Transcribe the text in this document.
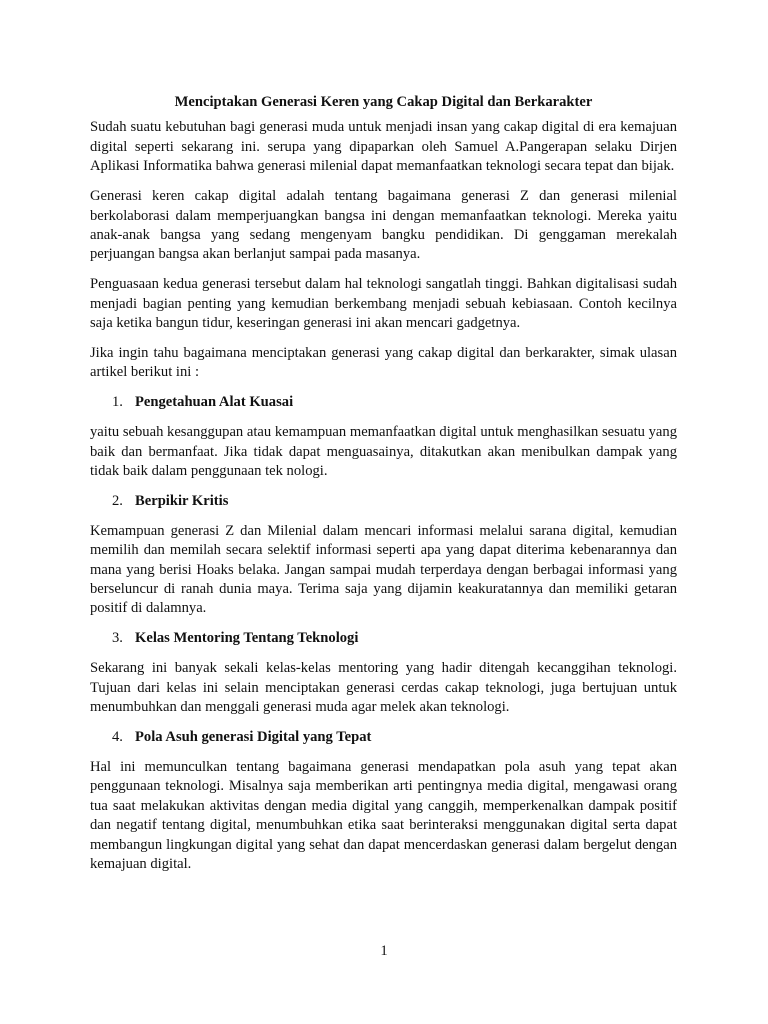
Menciptakan Generasi Keren yang Cakap Digital dan Berkarakter

Sudah suatu kebutuhan bagi generasi muda untuk menjadi insan yang cakap digital di era kemajuan digital seperti sekarang ini. serupa yang dipaparkan oleh Samuel A.Pangerapan selaku Dirjen Aplikasi Informatika bahwa generasi milenial dapat memanfaatkan teknologi secara tepat dan bijak.

Generasi keren cakap digital adalah tentang bagaimana generasi Z dan generasi milenial berkolaborasi dalam memperjuangkan bangsa ini dengan memanfaatkan teknologi. Mereka yaitu anak-anak bangsa yang sedang mengenyam bangku pendidikan. Di genggaman merekalah perjuangan bangsa akan berlanjut sampai pada masanya.

Penguasaan kedua generasi tersebut dalam hal teknologi sangatlah tinggi. Bahkan digitalisasi sudah menjadi bagian penting yang kemudian berkembang menjadi sebuah kebiasaan. Contoh kecilnya saja ketika bangun tidur, keseringan generasi ini akan mencari gadgetnya.

Jika ingin tahu bagaimana menciptakan generasi yang cakap digital dan berkarakter, simak ulasan artikel berikut ini :

1. Pengetahuan Alat Kuasai

yaitu sebuah kesanggupan atau kemampuan memanfaatkan digital untuk menghasilkan sesuatu yang baik dan bermanfaat. Jika tidak dapat menguasainya, ditakutkan akan menibulkan dampak yang tidak baik dalam penggunaan tek nologi.

2. Berpikir Kritis

Kemampuan generasi Z dan Milenial dalam mencari informasi melalui sarana digital, kemudian memilih dan memilah secara selektif informasi seperti apa yang dapat diterima kebenarannya dan mana yang berisi Hoaks belaka. Jangan sampai mudah terperdaya dengan berbagai informasi yang berseluncur di ranah dunia maya. Terima saja yang dijamin keakuratannya dan memiliki getaran positif di dalamnya.

3. Kelas Mentoring Tentang Teknologi

Sekarang ini banyak sekali kelas-kelas mentoring yang hadir ditengah kecanggihan teknologi. Tujuan dari kelas ini selain menciptakan generasi cerdas cakap teknologi, juga bertujuan untuk menumbuhkan dan menggali generasi muda agar melek akan teknologi.

4. Pola Asuh generasi Digital yang Tepat

Hal ini memunculkan tentang bagaimana generasi mendapatkan pola asuh yang tepat akan penggunaan teknologi. Misalnya saja memberikan arti pentingnya media digital, mengawasi orang tua saat melakukan aktivitas dengan media digital yang canggih, memperkenalkan dampak positif dan negatif tentang digital, menumbuhkan etika saat berinteraksi menggunakan digital serta dapat membangun lingkungan digital yang sehat dan dapat mencerdaskan generasi dalam bergelut dengan kemajuan digital.

1
